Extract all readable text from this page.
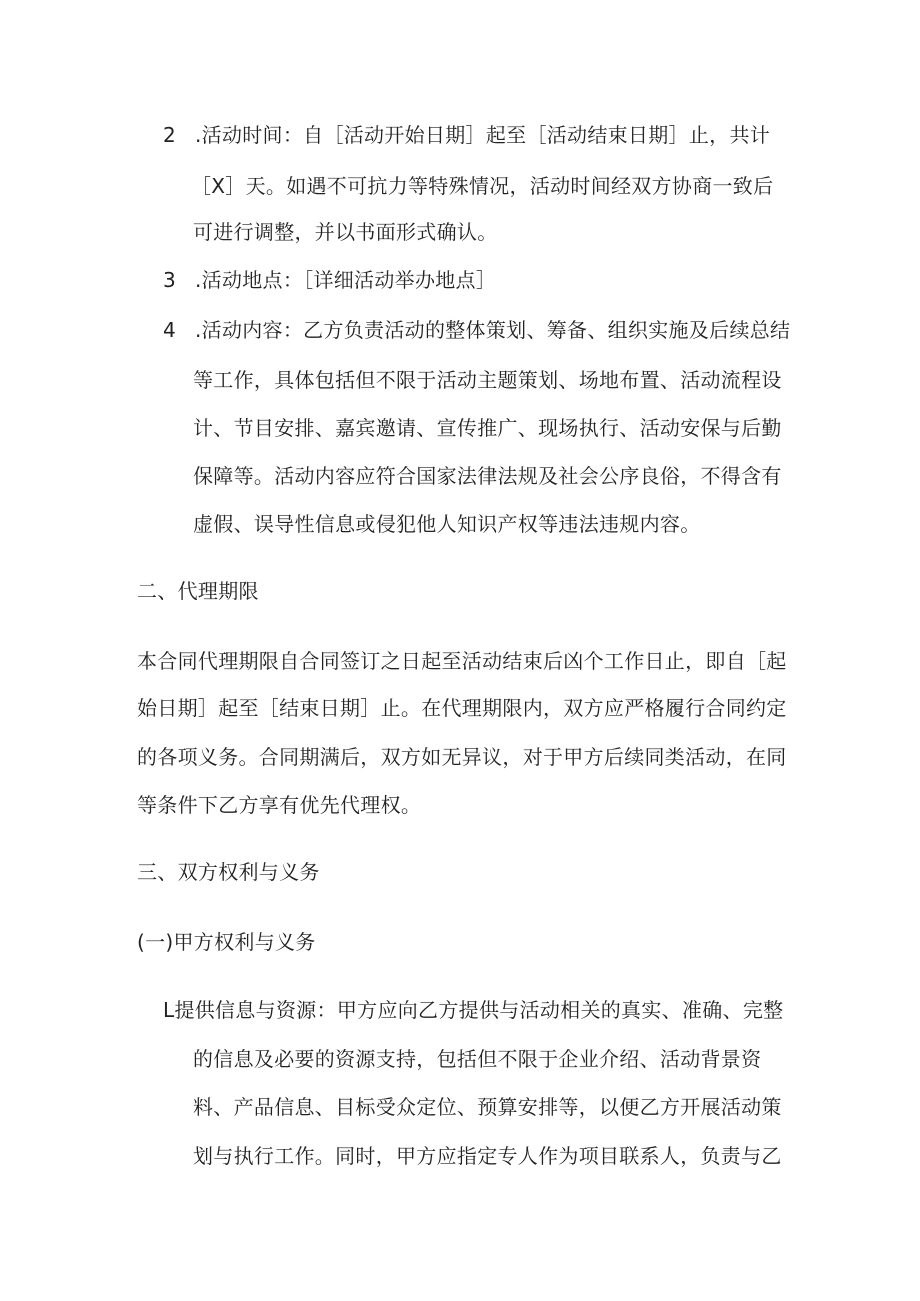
2 .活动时间：自［活动开始日期］起至［活动结束日期］止，共计
［X］天。如遇不可抗力等特殊情况，活动时间经双方协商一致后
可进行调整，并以书面形式确认。
3 .活动地点：［详细活动举办地点］
4 .活动内容：乙方负责活动的整体策划、筹备、组织实施及后续总结
等工作，具体包括但不限于活动主题策划、场地布置、活动流程设
计、节目安排、嘉宾邀请、宣传推广、现场执行、活动安保与后勤
保障等。活动内容应符合国家法律法规及社会公序良俗，不得含有
虚假、误导性信息或侵犯他人知识产权等违法违规内容。
二、代理期限
本合同代理期限自合同签订之日起至活动结束后凶个工作日止，即自［起
始日期］起至［结束日期］止。在代理期限内，双方应严格履行合同约定
的各项义务。合同期满后，双方如无异议，对于甲方后续同类活动，在同
等条件下乙方享有优先代理权。
三、双方权利与义务
(一)甲方权利与义务
L提供信息与资源：甲方应向乙方提供与活动相关的真实、准确、完整
的信息及必要的资源支持，包括但不限于企业介绍、活动背景资
料、产品信息、目标受众定位、预算安排等，以便乙方开展活动策
划与执行工作。同时，甲方应指定专人作为项目联系人，负责与乙
